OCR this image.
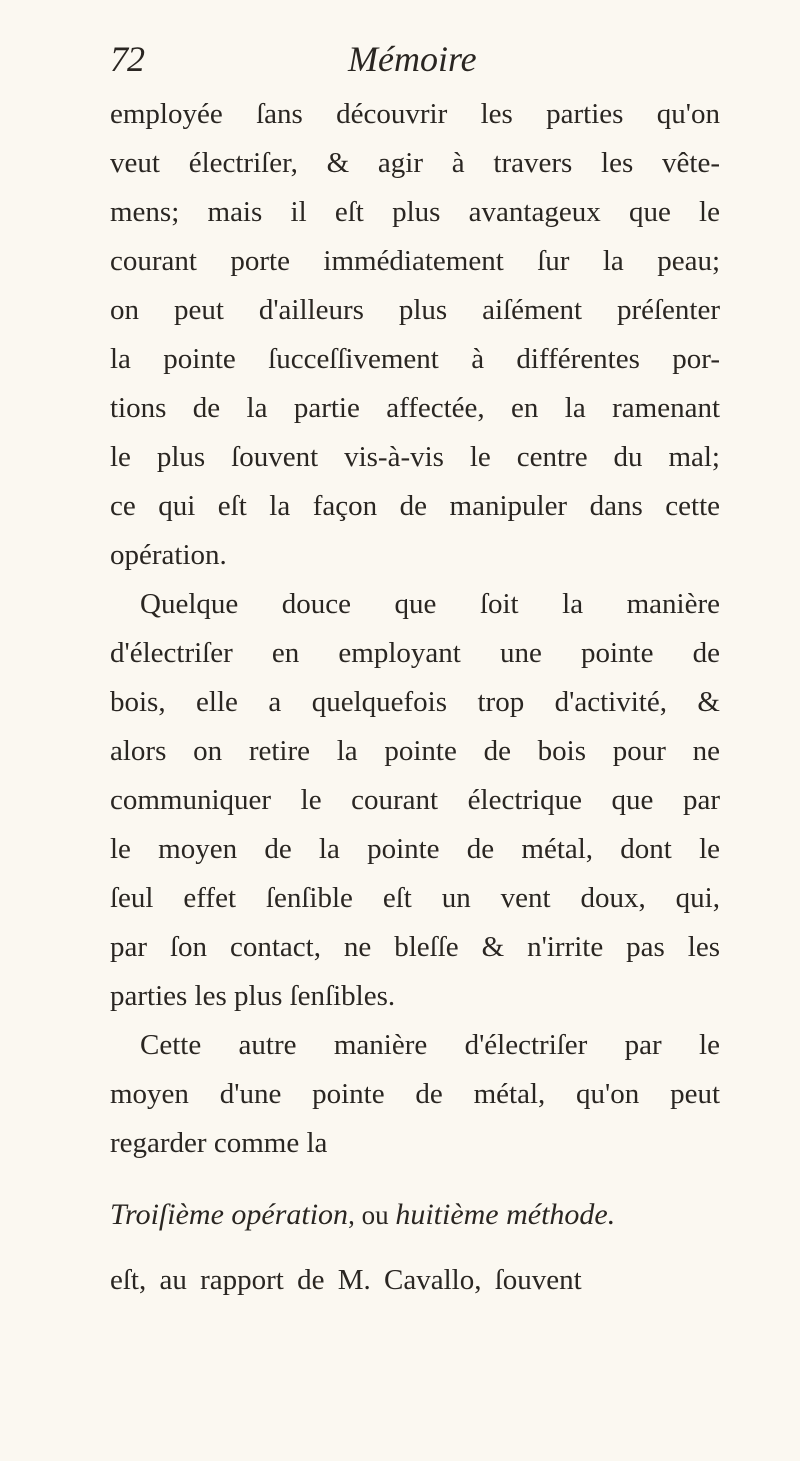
72	Mémoire
employée ſans découvrir les parties qu'on
veut électriſer, & agir à travers les vête-
mens; mais il eſt plus avantageux que le
courant porte immédiatement ſur la peau;
on peut d'ailleurs plus aiſément préſenter
la pointe ſucceſſivement à différentes por-
tions de la partie affectée, en la ramenant
le plus ſouvent vis-à-vis le centre du mal;
ce qui eſt la façon de manipuler dans cette
opération.
Quelque douce que ſoit la manière
d'électriſer en employant une pointe de
bois, elle a quelquefois trop d'activité, &
alors on retire la pointe de bois pour ne
communiquer le courant électrique que par
le moyen de la pointe de métal, dont le
ſeul effet ſenſible eſt un vent doux, qui,
par ſon contact, ne bleſſe & n'irrite pas les
parties les plus ſenſibles.
Cette autre manière d'électriſer par le
moyen d'une pointe de métal, qu'on peut
regarder comme la
Troiſième opération, ou huitième méthode.
eſt, au rapport de M. Cavallo, ſouvent
